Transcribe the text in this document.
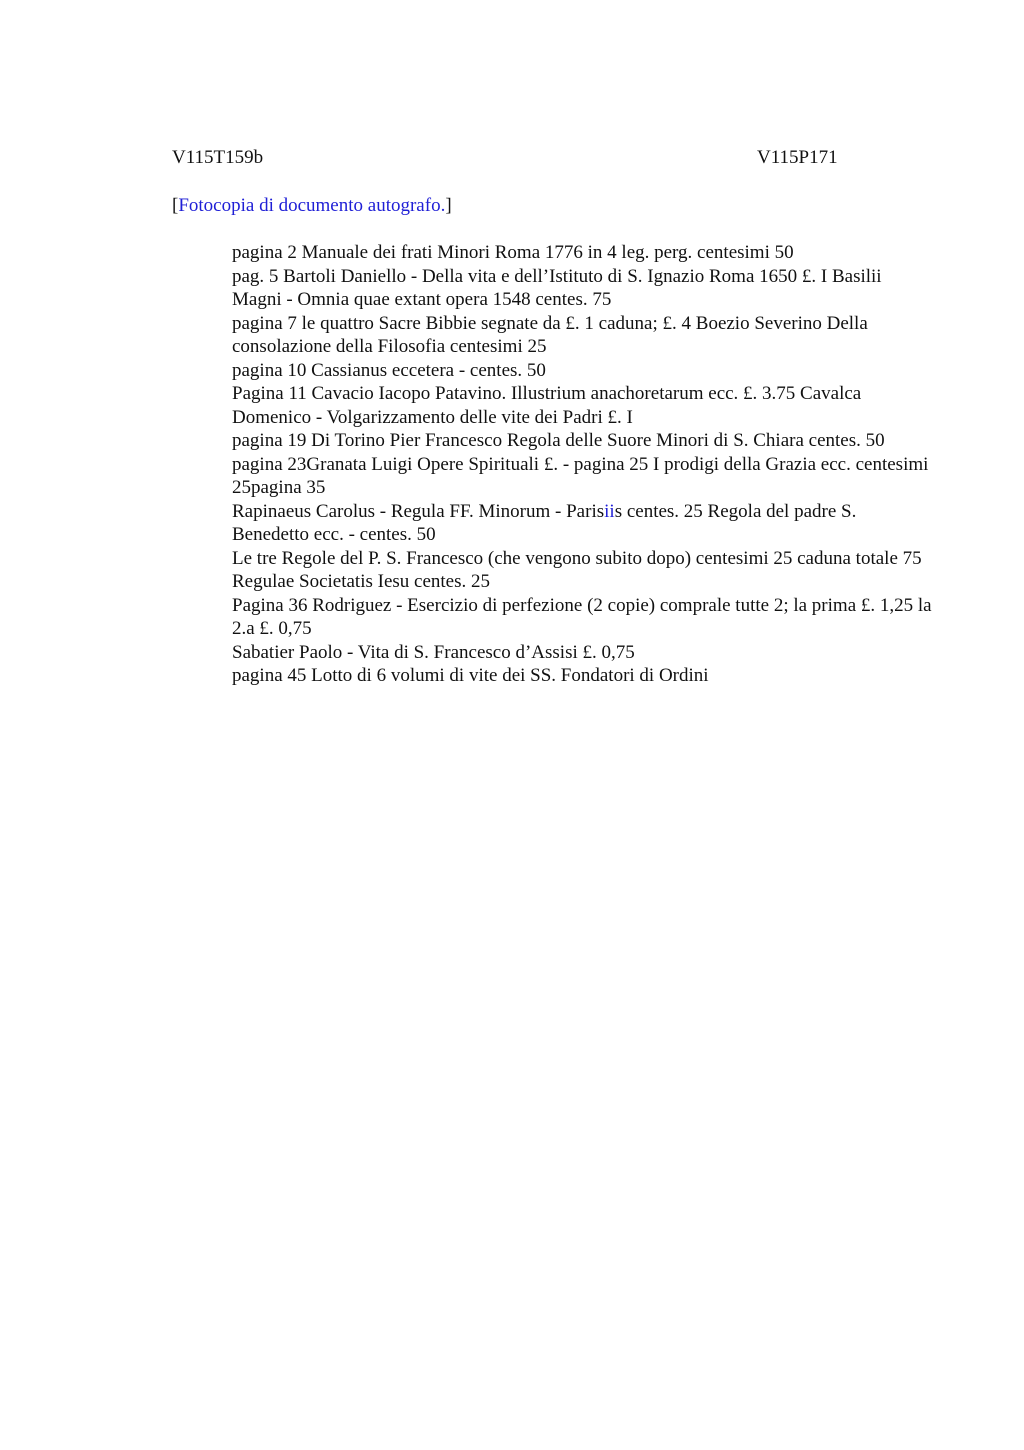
V115T159b	V115P171
[Fotocopia di documento autografo.]

pagina 2 Manuale dei frati Minori Roma 1776 in 4 leg. perg. centesimi 50

pag. 5 Bartoli Daniello - Della vita e dell’Istituto di S. Ignazio Roma 1650 £. I Basilii Magni - Omnia quae extant opera 1548 centes. 75

pagina 7 le quattro Sacre Bibbie segnate da £. 1 caduna; £. 4 Boezio Severino Della consolazione della Filosofia centesimi 25

pagina 10 Cassianus eccetera - centes. 50

Pagina 11 Cavacio Iacopo Patavino. Illustrium anachoretarum ecc. £. 3.75 Cavalca Domenico - Volgarizzamento delle vite dei Padri £. I

pagina 19 Di Torino Pier Francesco Regola delle Suore Minori di S. Chiara centes. 50

pagina 23Granata Luigi Opere Spirituali £. - pagina 25 I prodigi della Grazia ecc. centesimi 25pagina 35

Rapinaeus Carolus - Regula FF. Minorum - Parisiis centes. 25 Regola del padre S. Benedetto ecc. - centes. 50

Le tre Regole del P. S. Francesco (che vengono subito dopo) centesimi 25 caduna totale 75

Regulae Societatis Iesu centes. 25

Pagina 36 Rodriguez - Esercizio di perfezione (2 copie) comprale tutte 2; la prima £. 1,25 la 2.a £. 0,75

Sabatier Paolo - Vita di S. Francesco d’Assisi £. 0,75

pagina 45 Lotto di 6 volumi di vite dei SS. Fondatori di Ordini
